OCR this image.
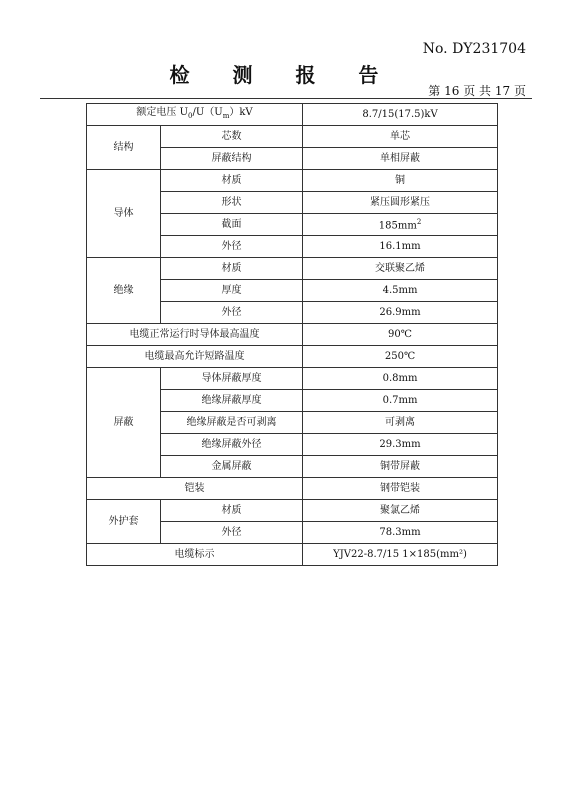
No. DY231704
检 测 报 告
第 16 页 共 17 页
额定电压 $U_0/U(U_m)kV$		8.7/15(17.5)kV
结构	芯数	单芯
	屏蔽结构	单相屏蔽
导体	材质	铜
	形状	紧压圆形紧压
	截面	$185mm^2$
	外径	16.1mm
绝缘	材质	交联聚乙烯
	厚度	4.5mm
	外径	26.9mm
电缆正常运行时导体最高温度		90℃
电缆最高允许短路温度		250℃
屏蔽	导体屏蔽厚度	0.8mm
	绝缘屏蔽厚度	0.7mm
	绝缘屏蔽是否可剥离	可剥离
	绝缘屏蔽外径	29.3mm
	金属屏蔽	铜带屏蔽
铠装		钢带铠装
外护套	材质	聚氯乙烯
	外径	78.3mm
电缆标示		YJV22-8.7/15 1×185(mm²)
